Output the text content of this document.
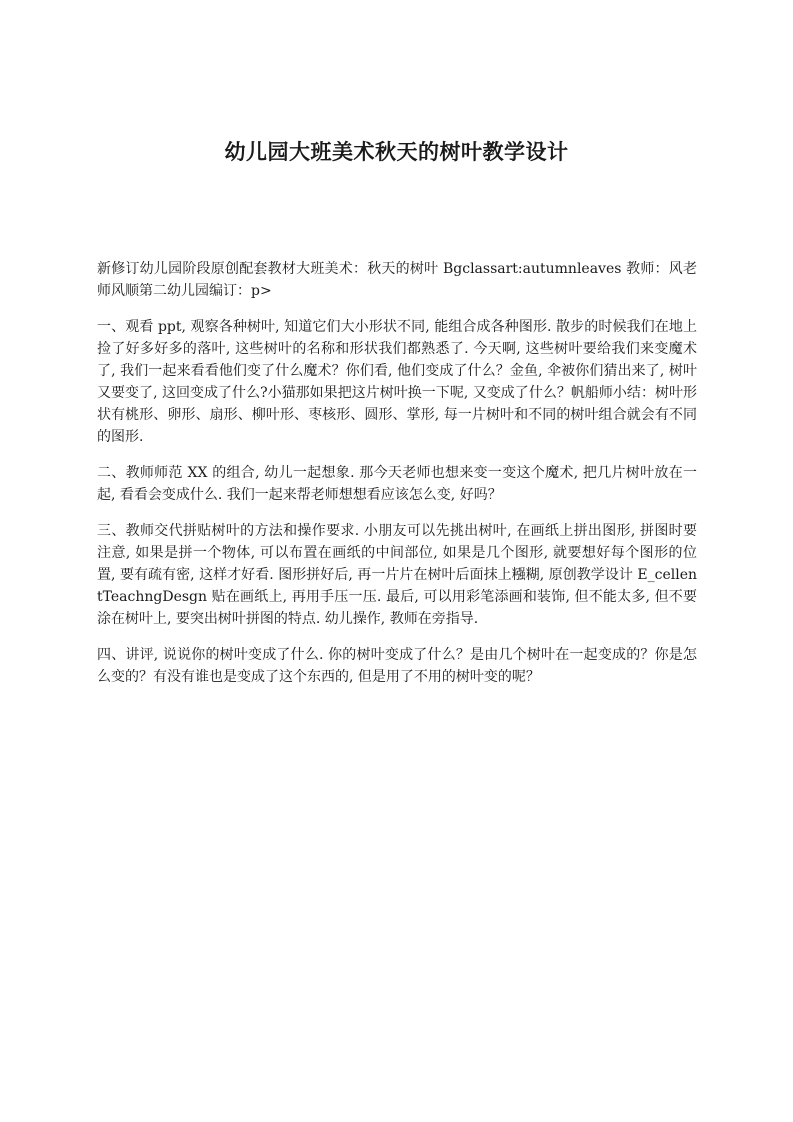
幼儿园大班美术秋天的树叶教学设计

新修订幼儿园阶段原创配套教材大班美术：秋天的树叶 Bgclassart:autumnleaves 教师：风老师风顺第二幼儿园编订：p>

一、观看 ppt, 观察各种树叶, 知道它们大小形状不同, 能组合成各种图形. 散步的时候我们在地上捡了好多好多的落叶, 这些树叶的名称和形状我们都熟悉了. 今天啊, 这些树叶要给我们来变魔术了, 我们一起来看看他们变了什么魔术？你们看, 他们变成了什么？金鱼, 伞被你们猜出来了, 树叶又要变了, 这回变成了什么?小猫那如果把这片树叶换一下呢, 又变成了什么？帆船师小结：树叶形状有桃形、卵形、扇形、柳叶形、枣核形、圆形、掌形, 每一片树叶和不同的树叶组合就会有不同的图形.

二、教师师范 XX 的组合, 幼儿一起想象. 那今天老师也想来变一变这个魔术, 把几片树叶放在一起, 看看会变成什么. 我们一起来帮老师想想看应该怎么变, 好吗？

三、教师交代拼贴树叶的方法和操作要求. 小朋友可以先挑出树叶, 在画纸上拼出图形, 拼图时要注意, 如果是拼一个物体, 可以布置在画纸的中间部位, 如果是几个图形, 就要想好每个图形的位置, 要有疏有密, 这样才好看. 图形拼好后, 再一片片在树叶后面抹上糨糊, 原创教学设计 E_cellentTeachngDesgn 贴在画纸上, 再用手压一压. 最后, 可以用彩笔添画和装饰, 但不能太多, 但不要涂在树叶上, 要突出树叶拼图的特点. 幼儿操作, 教师在旁指导.

四、讲评, 说说你的树叶变成了什么. 你的树叶变成了什么？是由几个树叶在一起变成的？你是怎么变的？有没有谁也是变成了这个东西的, 但是用了不用的树叶变的呢？
